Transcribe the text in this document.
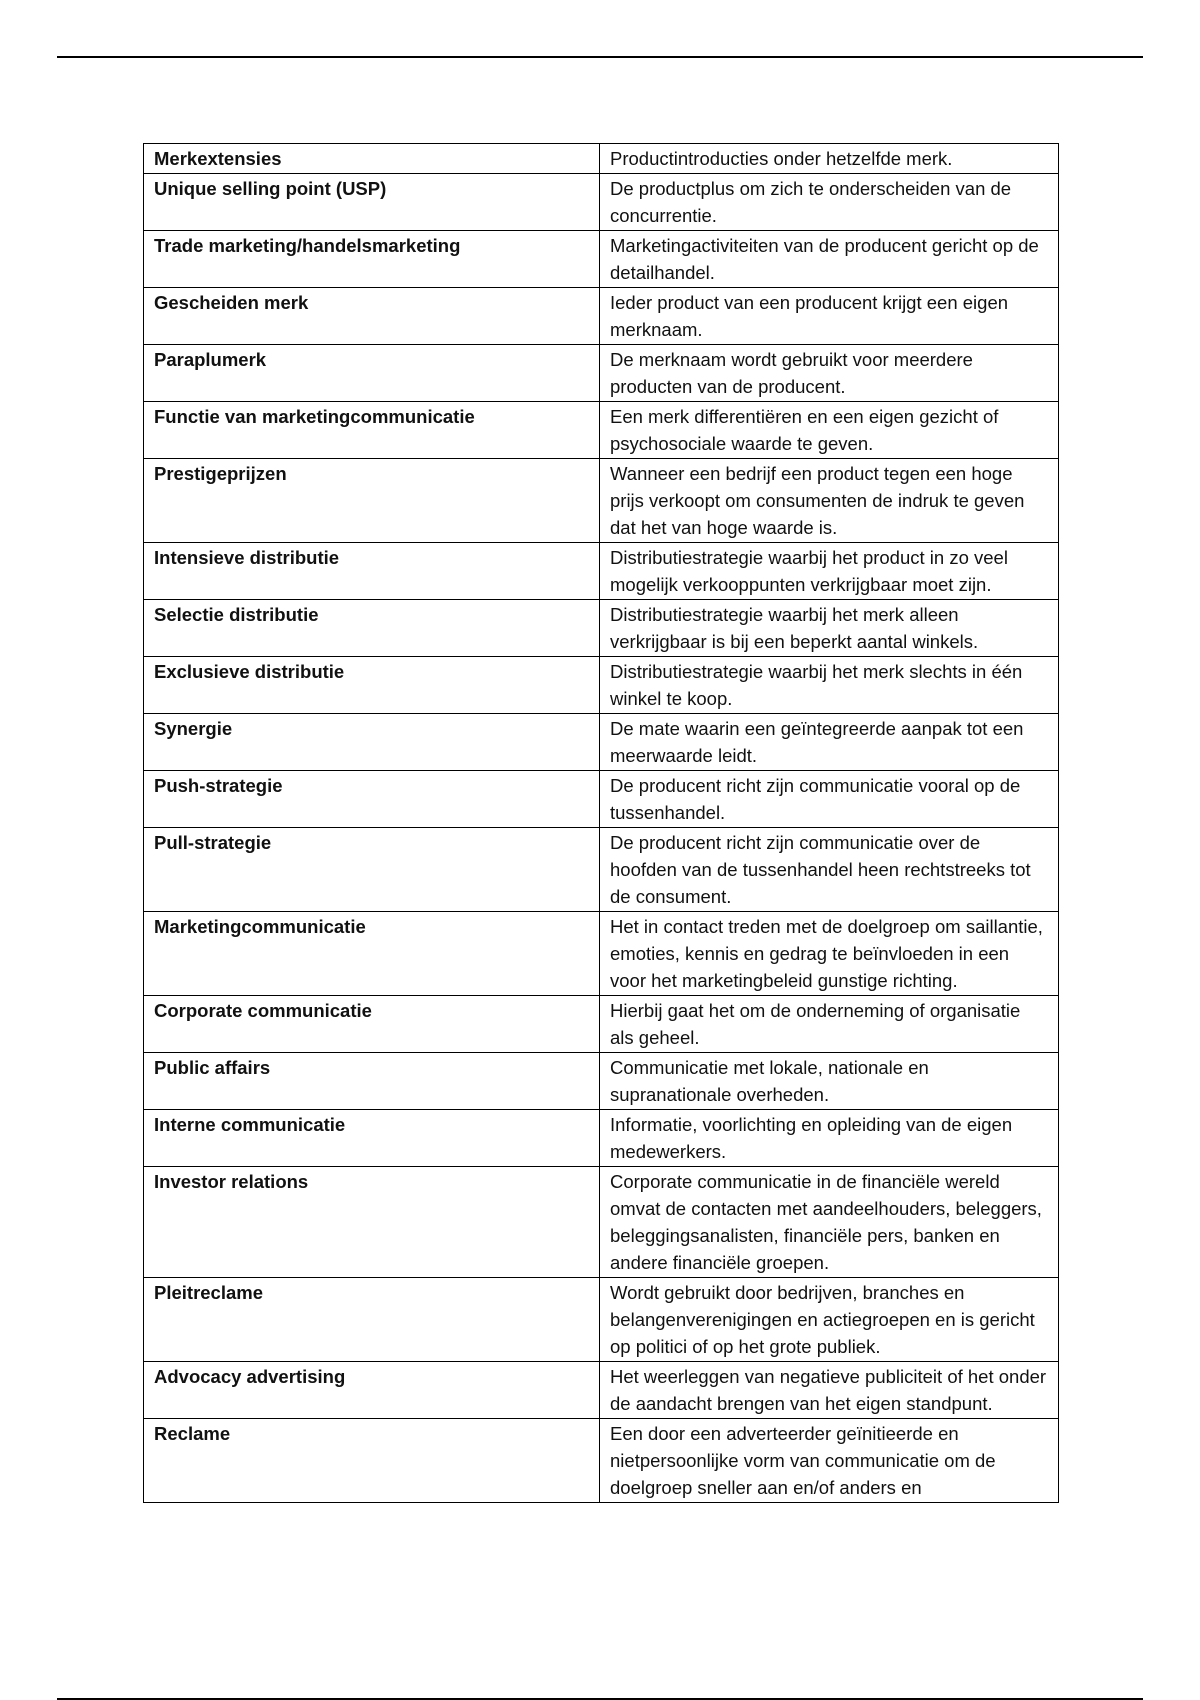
Merkextensies	Productintroducties onder hetzelfde merk.
Unique selling point (USP)	De productplus om zich te onderscheiden van de concurrentie.
Trade marketing/handelsmarketing	Marketingactiviteiten van de producent gericht op de detailhandel.
Gescheiden merk	Ieder product van een producent krijgt een eigen merknaam.
Paraplumerk	De merknaam wordt gebruikt voor meerdere producten van de producent.
Functie van marketingcommunicatie	Een merk differentiëren en een eigen gezicht of psychosociale waarde te geven.
Prestigeprijzen	Wanneer een bedrijf een product tegen een hoge prijs verkoopt om consumenten de indruk te geven dat het van hoge waarde is.
Intensieve distributie	Distributiestrategie waarbij het product in zo veel mogelijk verkooppunten verkrijgbaar moet zijn.
Selectie distributie	Distributiestrategie waarbij het merk alleen verkrijgbaar is bij een beperkt aantal winkels.
Exclusieve distributie	Distributiestrategie waarbij het merk slechts in één winkel te koop.
Synergie	De mate waarin een geïntegreerde aanpak tot een meerwaarde leidt.
Push-strategie	De producent richt zijn communicatie vooral op de tussenhandel.
Pull-strategie	De producent richt zijn communicatie over de hoofden van de tussenhandel heen rechtstreeks tot de consument.
Marketingcommunicatie	Het in contact treden met de doelgroep om saillantie, emoties, kennis en gedrag te beïnvloeden in een voor het marketingbeleid gunstige richting.
Corporate communicatie	Hierbij gaat het om de onderneming of organisatie als geheel.
Public affairs	Communicatie met lokale, nationale en supranationale overheden.
Interne communicatie	Informatie, voorlichting en opleiding van de eigen medewerkers.
Investor relations	Corporate communicatie in de financiële wereld omvat de contacten met aandeelhouders, beleggers, beleggingsanalisten, financiële pers, banken en andere financiële groepen.
Pleitreclame	Wordt gebruikt door bedrijven, branches en belangenverenigingen en actiegroepen en is gericht op politici of op het grote publiek.
Advocacy advertising	Het weerleggen van negatieve publiciteit of het onder de aandacht brengen van het eigen standpunt.
Reclame	Een door een adverteerder geïnitieerde en nietpersoonlijke vorm van communicatie om de doelgroep sneller aan en/of anders en
